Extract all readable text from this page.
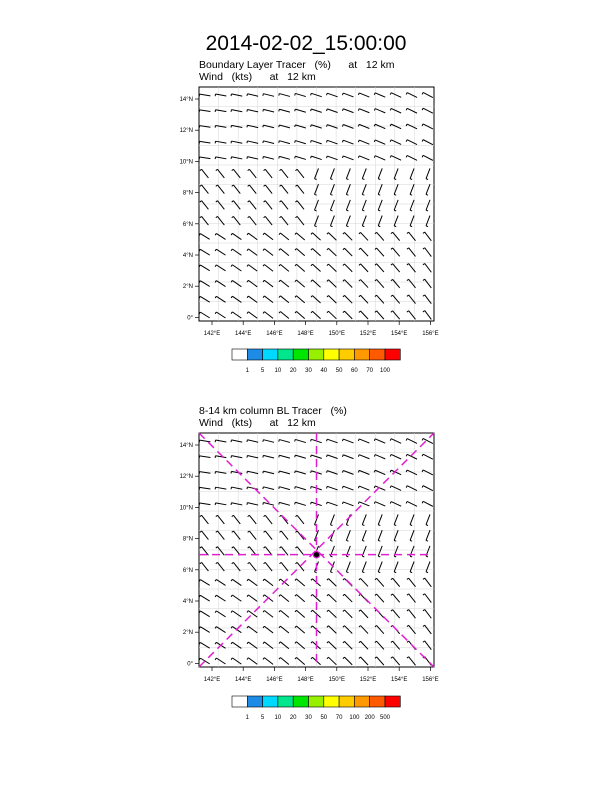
2014-02-02_15:00:00
Boundary Layer Tracer   (%)      at   12 km
Wind   (kts)      at   12 km
8-14 km column BL Tracer   (%)
Wind   (kts)      at   12 km
142°E 144°E 146°E 148°E 150°E 152°E 154°E 156°E
14°N
12°N
10°N
8°N
6°N
4°N
2°N
0°
1 5 10 20 30 40 50 60 70 100
142°E 144°E 146°E 148°E 150°E 152°E 154°E 156°E
14°N
12°N
10°N
8°N
6°N
4°N
2°N
0°
1 5 10 20 30 50 70 100 200 500
